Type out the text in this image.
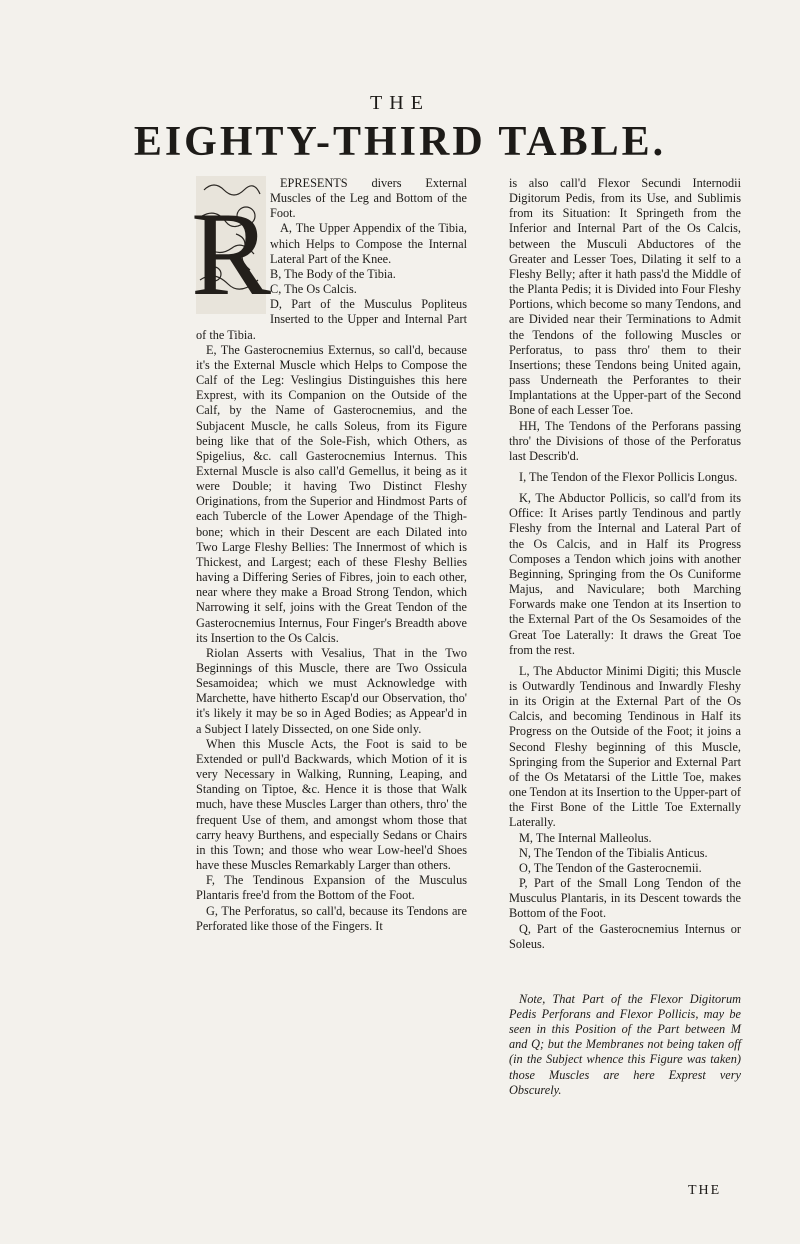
THE
EIGHTY-THIRD TABLE.
R

EPRESENTS divers External Muscles of the Leg and Bottom of the Foot.

A, The Upper Appendix of the Tibia, which Helps to Compose the Internal Lateral Part of the Knee.

B, The Body of the Tibia.

C, The Os Calcis.

D, Part of the Musculus Popliteus Inserted to the Upper and Internal Part of the Tibia.

E, The Gasterocnemius Externus, so call'd, because it's the External Muscle which Helps to Compose the Calf of the Leg: Veslingius Distinguishes this here Exprest, with its Companion on the Outside of the Calf, by the Name of Gasterocnemius, and the Subjacent Muscle, he calls Soleus, from its Figure being like that of the Sole-Fish, which Others, as Spigelius, &c. call Gasterocnemius Internus. This External Muscle is also call'd Gemellus, it being as it were Double; it having Two Distinct Fleshy Originations, from the Superior and Hindmost Parts of each Tubercle of the Lower Apendage of the Thigh-bone; which in their Descent are each Dilated into Two Large Fleshy Bellies: The Innermost of which is Thickest, and Largest; each of these Fleshy Bellies having a Differing Series of Fibres, join to each other, near where they make a Broad Strong Tendon, which Narrowing it self, joins with the Great Tendon of the Gasterocnemius Internus, Four Finger's Breadth above its Insertion to the Os Calcis.

Riolan Asserts with Vesalius, That in the Two Beginnings of this Muscle, there are Two Ossicula Sesamoidea; which we must Acknowledge with Marchette, have hitherto Escap'd our Observation, tho' it's likely it may be so in Aged Bodies; as Appear'd in a Subject I lately Dissected, on one Side only.

When this Muscle Acts, the Foot is said to be Extended or pull'd Backwards, which Motion of it is very Necessary in Walking, Running, Leaping, and Standing on Tiptoe, &c. Hence it is those that Walk much, have these Muscles Larger than others, thro' the frequent Use of them, and amongst whom those that carry heavy Burthens, and especially Sedans or Chairs in this Town; and those who wear Low-heel'd Shoes have these Muscles Remarkably Larger than others.

F, The Tendinous Expansion of the Musculus Plantaris free'd from the Bottom of the Foot.

G, The Perforatus, so call'd, because its Tendons are Perforated like those of the Fingers. It

is also call'd Flexor Secundi Internodii Digitorum Pedis, from its Use, and Sublimis from its Situation: It Springeth from the Inferior and Internal Part of the Os Calcis, between the Musculi Abductores of the Greater and Lesser Toes, Dilating it self to a Fleshy Belly; after it hath pass'd the Middle of the Planta Pedis; it is Divided into Four Fleshy Portions, which become so many Tendons, and are Divided near their Terminations to Admit the Tendons of the following Muscles or Perforatus, to pass thro' them to their Insertions; these Tendons being United again, pass Underneath the Perforantes to their Implantations at the Upper-part of the Second Bone of each Lesser Toe.

HH, The Tendons of the Perforans passing thro' the Divisions of those of the Perforatus last Describ'd.

I, The Tendon of the Flexor Pollicis Longus.

K, The Abductor Pollicis, so call'd from its Office: It Arises partly Tendinous and partly Fleshy from the Internal and Lateral Part of the Os Calcis, and in Half its Progress Composes a Tendon which joins with another Beginning, Springing from the Os Cuniforme Majus, and Naviculare; both Marching Forwards make one Tendon at its Insertion to the External Part of the Os Sesamoides of the Great Toe Laterally: It draws the Great Toe from the rest.

L, The Abductor Minimi Digiti; this Muscle is Outwardly Tendinous and Inwardly Fleshy in its Origin at the External Part of the Os Calcis, and becoming Tendinous in Half its Progress on the Outside of the Foot; it joins a Second Fleshy beginning of this Muscle, Springing from the Superior and External Part of the Os Metatarsi of the Little Toe, makes one Tendon at its Insertion to the Upper-part of the First Bone of the Little Toe Externally Laterally.

M, The Internal Malleolus.

N, The Tendon of the Tibialis Anticus.

O, The Tendon of the Gasterocnemii.

P, Part of the Small Long Tendon of the Musculus Plantaris, in its Descent towards the Bottom of the Foot.

Q, Part of the Gasterocnemius Internus or Soleus.

Note, That Part of the Flexor Digitorum Pedis Perforans and Flexor Pollicis, may be seen in this Position of the Part between M and Q; but the Membranes not being taken off (in the Subject whence this Figure was taken) those Muscles are here Exprest very Obscurely.

THE
